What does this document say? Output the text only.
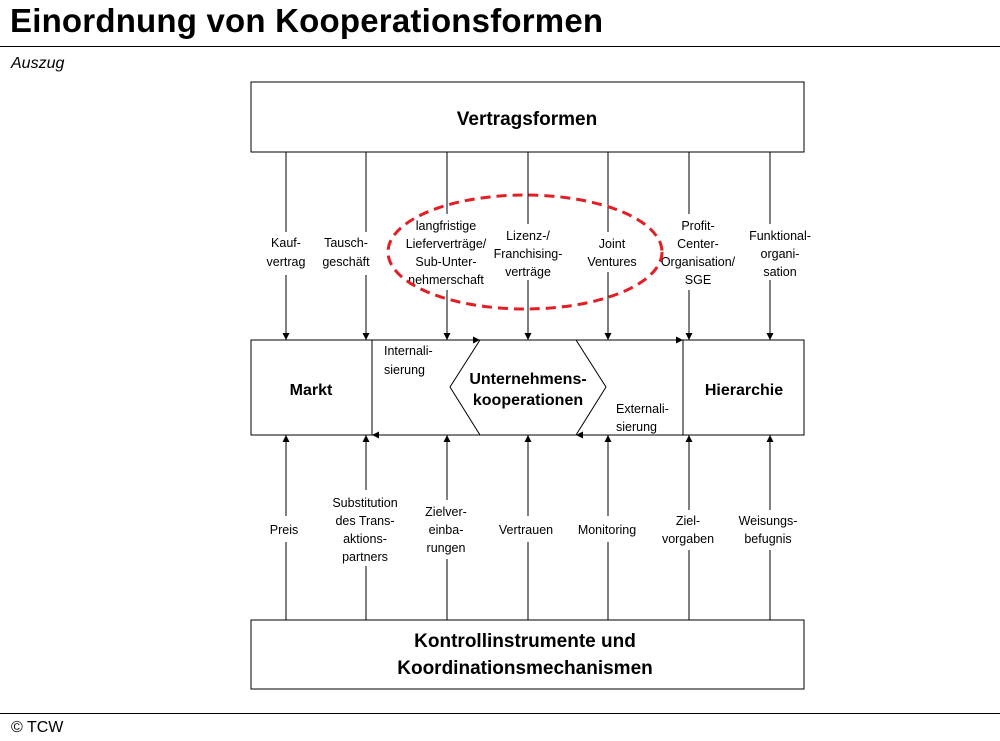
Einordnung von Kooperationsformen
Auszug
Vertragsformen
Kontrollinstrumente und
Koordinationsmechanismen
Markt	Hierarchie
Unternehmens-
kooperationen
Internali-
sierung
Externali-
sierung
Kauf-
vertrag
Tausch-
geschäft
langfristige
Lieferverträge/
Sub-Unter-
nehmerschaft
Lizenz-/
Franchising-
verträge
Joint
Ventures
Profit-
Center-
Organisation/
SGE
Funktional-
organi-
sation
Preis
Substitution
des Trans-
aktions-
partners
Zielver-
einba-
rungen
Vertrauen Monitoring
Ziel-
vorgaben
Weisungs-
befugnis
© TCW
